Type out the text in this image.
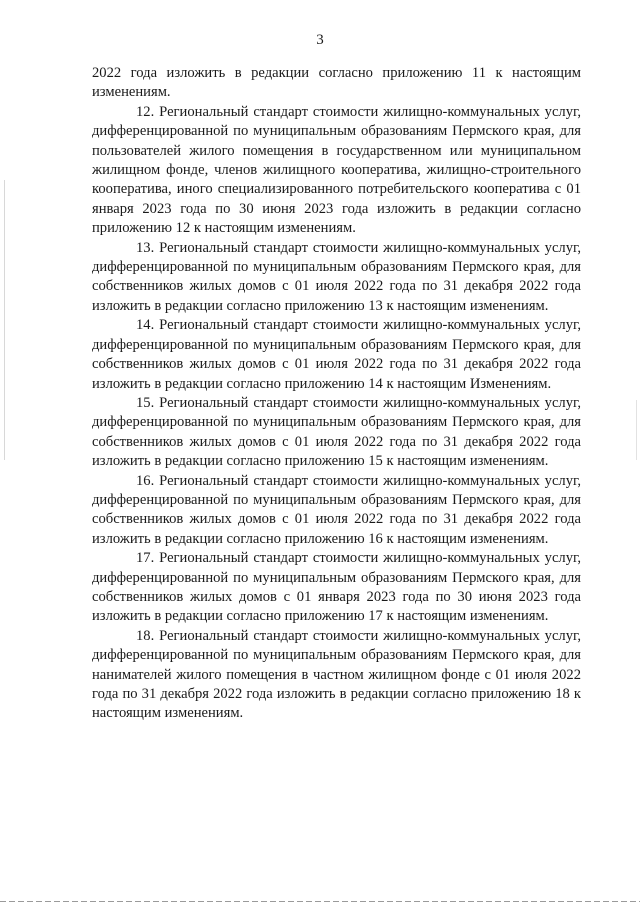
3

2022 года изложить в редакции согласно приложению 11 к настоящим изменениям.

12. Региональный стандарт стоимости жилищно-коммунальных услуг, дифференцированной по муниципальным образованиям Пермского края, для пользователей жилого помещения в государственном или муниципальном жилищном фонде, членов жилищного кооператива, жилищно-строительного кооператива, иного специализированного потребительского кооператива с 01 января 2023 года по 30 июня 2023 года изложить в редакции согласно приложению 12 к настоящим изменениям.

13. Региональный стандарт стоимости жилищно-коммунальных услуг, дифференцированной по муниципальным образованиям Пермского края, для собственников жилых домов с 01 июля 2022 года по 31 декабря 2022 года изложить в редакции согласно приложению 13 к настоящим изменениям.

14. Региональный стандарт стоимости жилищно-коммунальных услуг, дифференцированной по муниципальным образованиям Пермского края, для собственников жилых домов с 01 июля 2022 года по 31 декабря 2022 года изложить в редакции согласно приложению 14 к настоящим Изменениям.

15. Региональный стандарт стоимости жилищно-коммунальных услуг, дифференцированной по муниципальным образованиям Пермского края, для собственников жилых домов с 01 июля 2022 года по 31 декабря 2022 года изложить в редакции согласно приложению 15 к настоящим изменениям.

16. Региональный стандарт стоимости жилищно-коммунальных услуг, дифференцированной по муниципальным образованиям Пермского края, для собственников жилых домов с 01 июля 2022 года по 31 декабря 2022 года изложить в редакции согласно приложению 16 к настоящим изменениям.

17. Региональный стандарт стоимости жилищно-коммунальных услуг, дифференцированной по муниципальным образованиям Пермского края, для собственников жилых домов с 01 января 2023 года по 30 июня 2023 года изложить в редакции согласно приложению 17 к настоящим изменениям.

18. Региональный стандарт стоимости жилищно-коммунальных услуг, дифференцированной по муниципальным образованиям Пермского края, для нанимателей жилого помещения в частном жилищном фонде с 01 июля 2022 года по 31 декабря 2022 года изложить в редакции согласно приложению 18 к настоящим изменениям.
